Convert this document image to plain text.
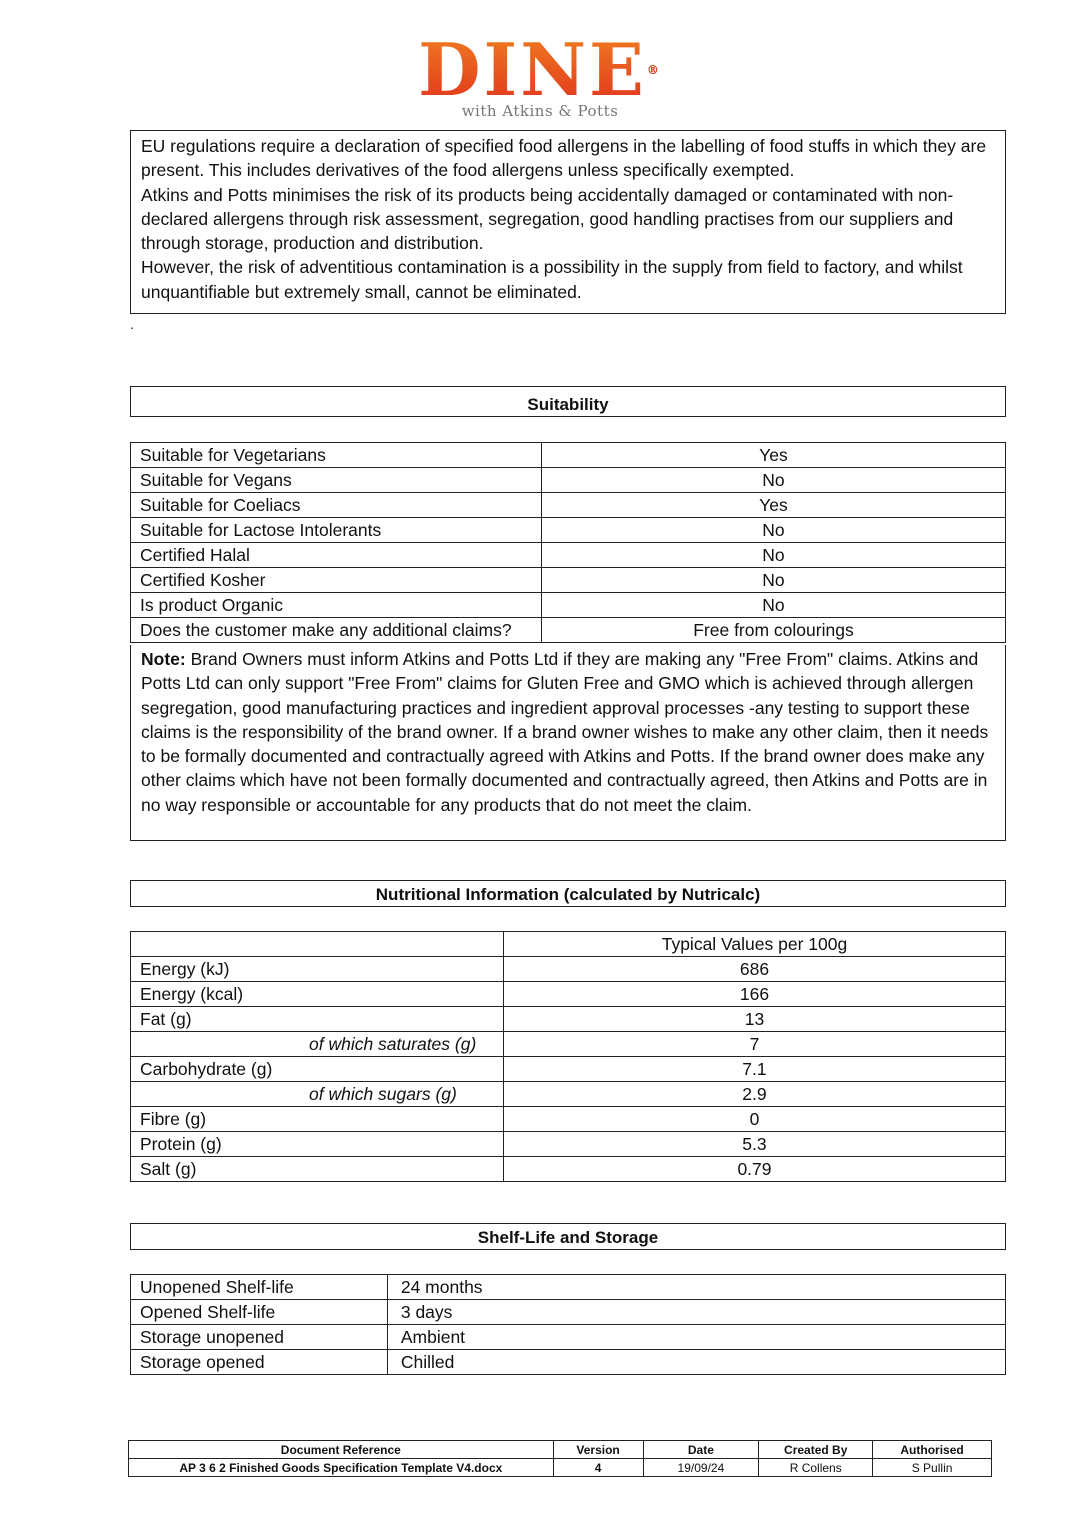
DINE®
with Atkins & Potts
EU regulations require a declaration of specified food allergens in the labelling of food stuffs in which they are present. This includes derivatives of the food allergens unless specifically exempted.
Atkins and Potts minimises the risk of its products being accidentally damaged or contaminated with non-declared allergens through risk assessment, segregation, good handling practises from our suppliers and through storage, production and distribution.
However, the risk of adventitious contamination is a possibility in the supply from field to factory, and whilst unquantifiable but extremely small, cannot be eliminated.
.
Suitability
Suitable for Vegetarians	Yes
Suitable for Vegans	No
Suitable for Coeliacs	Yes
Suitable for Lactose Intolerants	No
Certified Halal	No
Certified Kosher	No
Is product Organic	No
Does the customer make any additional claims?	Free from colourings
Note: Brand Owners must inform Atkins and Potts Ltd if they are making any "Free From" claims. Atkins and Potts Ltd can only support "Free From" claims for Gluten Free and GMO which is achieved through allergen segregation, good manufacturing practices and ingredient approval processes -any testing to support these claims is the responsibility of the brand owner. If a brand owner wishes to make any other claim, then it needs to be formally documented and contractually agreed with Atkins and Potts. If the brand owner does make any other claims which have not been formally documented and contractually agreed, then Atkins and Potts are in no way responsible or accountable for any products that do not meet the claim.
Nutritional Information (calculated by Nutricalc)
	Typical Values per 100g
Energy (kJ)	686
Energy (kcal)	166
Fat (g)	13
of which saturates (g)	7
Carbohydrate (g)	7.1
of which sugars (g)	2.9
Fibre (g)	0
Protein (g)	5.3
Salt (g)	0.79
Shelf-Life and Storage
Unopened Shelf-life	24 months
Opened Shelf-life	3 days
Storage unopened	Ambient
Storage opened	Chilled
Document Reference	Version	Date	Created By	Authorised
AP 3 6 2 Finished Goods Specification Template V4.docx	4	19/09/24	R Collens	S Pullin
